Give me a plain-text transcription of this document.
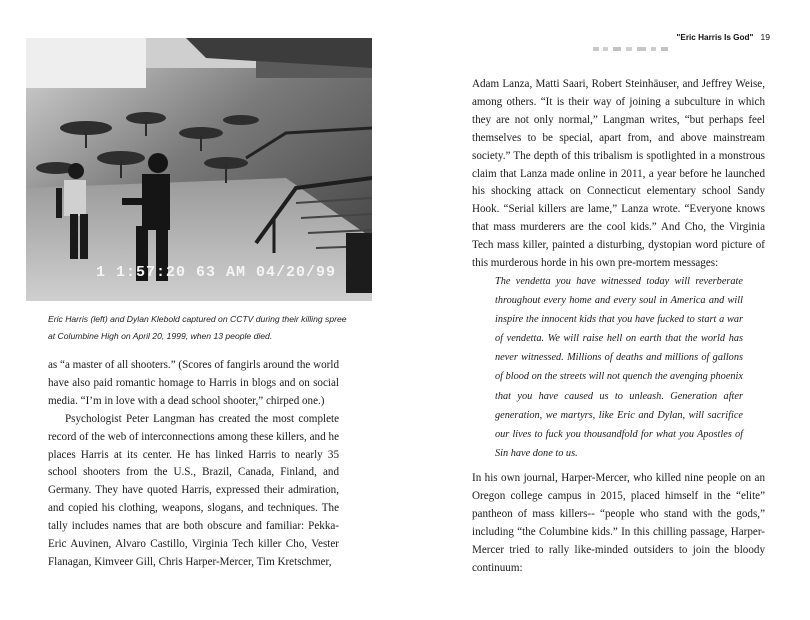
1 1:57:20 63 AM 04/20/99
Eric Harris (left) and Dylan Klebold captured on CCTV during their killing spree at Columbine High on April 20, 1999, when 13 people died.

as “a master of all shooters.” (Scores of fangirls around the world have also paid romantic homage to Harris in blogs and on social media. “I’m in love with a dead school shooter,” chirped one.)

Psychologist Peter Langman has created the most complete record of the web of interconnections among these killers, and he places Harris at its center. He has linked Harris to nearly 35 school shooters from the U.S., Brazil, Canada, Finland, and Germany. They have quoted Harris, expressed their admiration, and copied his clothing, weapons, slogans, and techniques. The tally includes names that are both obscure and familiar: Pekka-Eric Auvinen, Alvaro Castillo, Virginia Tech killer Cho, Vester Flanagan, Kimveer Gill, Chris Harper-Mercer, Tim Kretschmer,

"Eric Harris Is God" 19

Adam Lanza, Matti Saari, Robert Steinhäuser, and Jeffrey Weise, among others. “It is their way of joining a subculture in which they are not only normal,” Langman writes, “but perhaps feel themselves to be special, apart from, and above mainstream society.” The depth of this tribalism is spotlighted in a monstrous claim that Lanza made online in 2011, a year before he launched his shocking attack on Connecticut elementary school Sandy Hook. “Serial killers are lame,” Lanza wrote. “Everyone knows that mass murderers are the cool kids.” And Cho, the Virginia Tech mass killer, painted a disturbing, dystopian word picture of this murderous horde in his own pre-mortem messages:

The vendetta you have witnessed today will reverberate throughout every home and every soul in America and will inspire the innocent kids that you have fucked to start a war of vendetta. We will raise hell on earth that the world has never witnessed. Millions of deaths and millions of gallons of blood on the streets will not quench the avenging phoenix that you have caused us to unleash. Generation after generation, we martyrs, like Eric and Dylan, will sacrifice our lives to fuck you thousandfold for what you Apostles of Sin have done to us.

In his own journal, Harper-Mercer, who killed nine people on an Oregon college campus in 2015, placed himself in the “elite” pantheon of mass killers-- “people who stand with the gods,” including “the Columbine kids.” In this chilling passage, Harper-Mercer tried to rally like-minded outsiders to join the bloody continuum:
